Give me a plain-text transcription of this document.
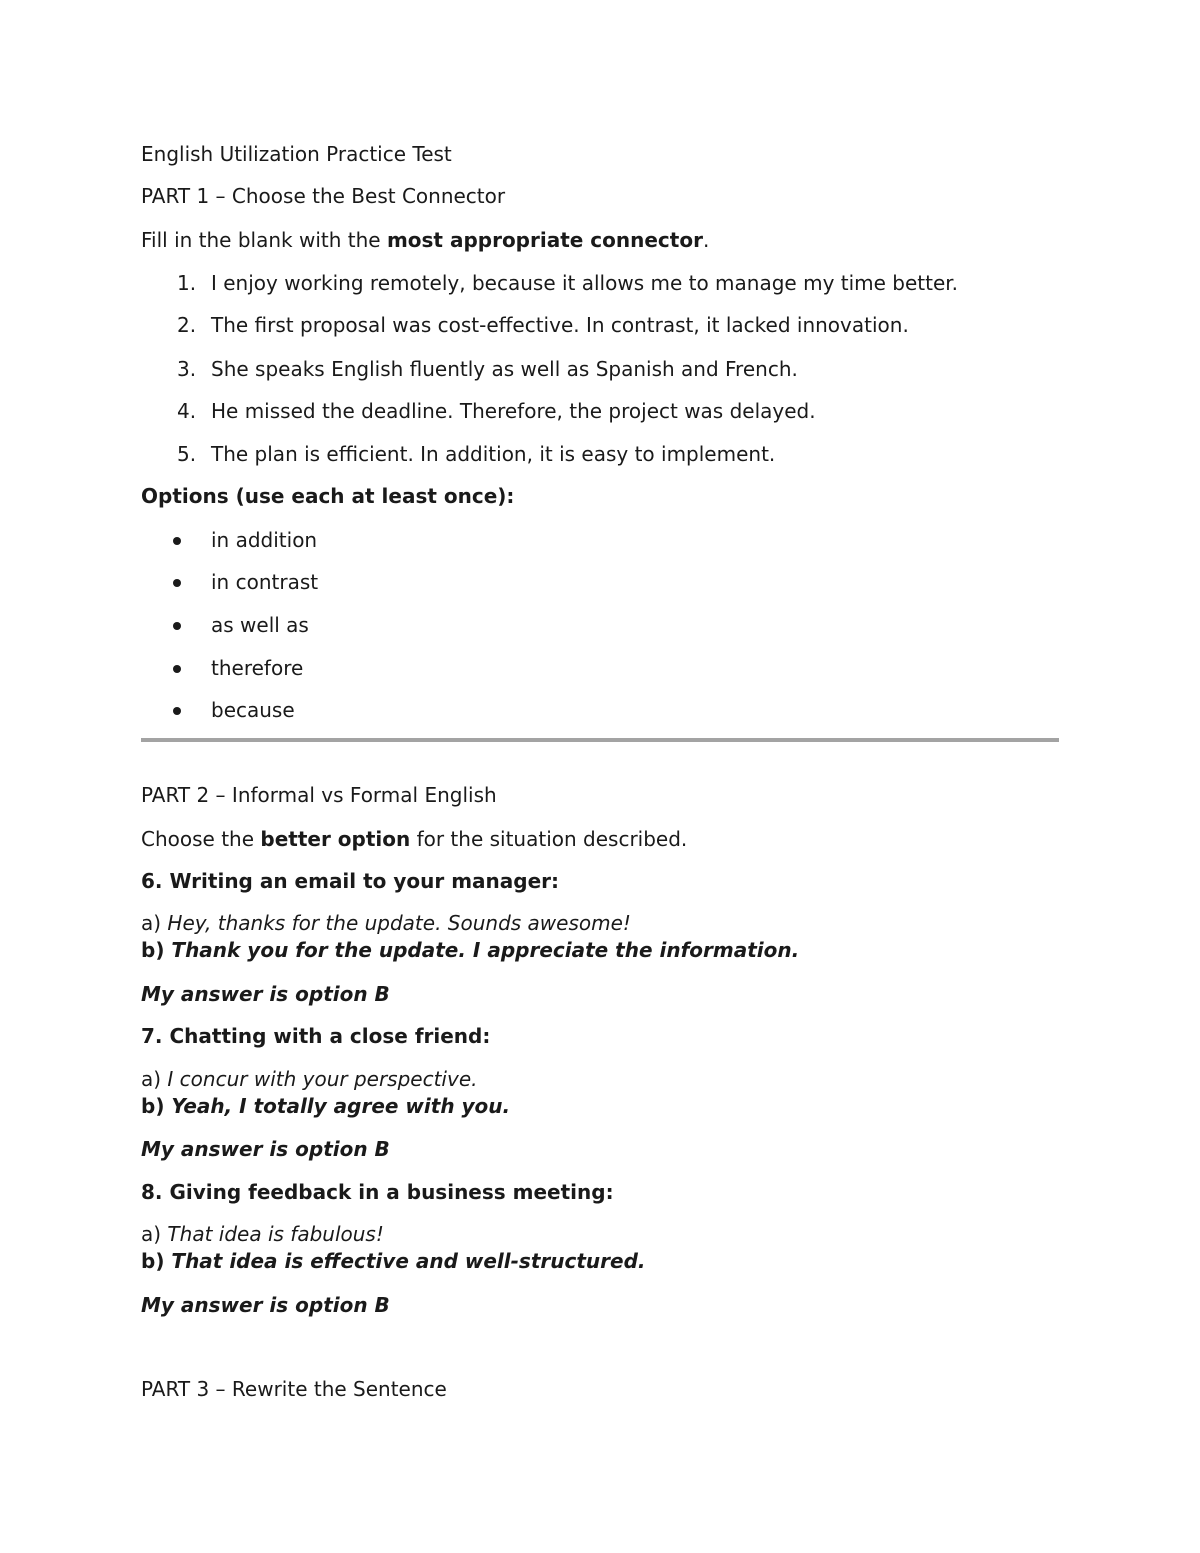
English Utilization Practice Test
PART 1 – Choose the Best Connector
Fill in the blank with the most appropriate connector.
1. I enjoy working remotely, because it allows me to manage my time better.
2. The first proposal was cost-effective. In contrast, it lacked innovation.
3. She speaks English fluently as well as Spanish and French.
4. He missed the deadline. Therefore, the project was delayed.
5. The plan is efficient. In addition, it is easy to implement.
Options (use each at least once):
in addition
in contrast
as well as
therefore
because
PART 2 – Informal vs Formal English
Choose the better option for the situation described.
6. Writing an email to your manager:
a) Hey, thanks for the update. Sounds awesome!
b) Thank you for the update. I appreciate the information.
My answer is option B
7. Chatting with a close friend:
a) I concur with your perspective.
b) Yeah, I totally agree with you.
My answer is option B
8. Giving feedback in a business meeting:
a) That idea is fabulous!
b) That idea is effective and well-structured.
My answer is option B
PART 3 – Rewrite the Sentence
